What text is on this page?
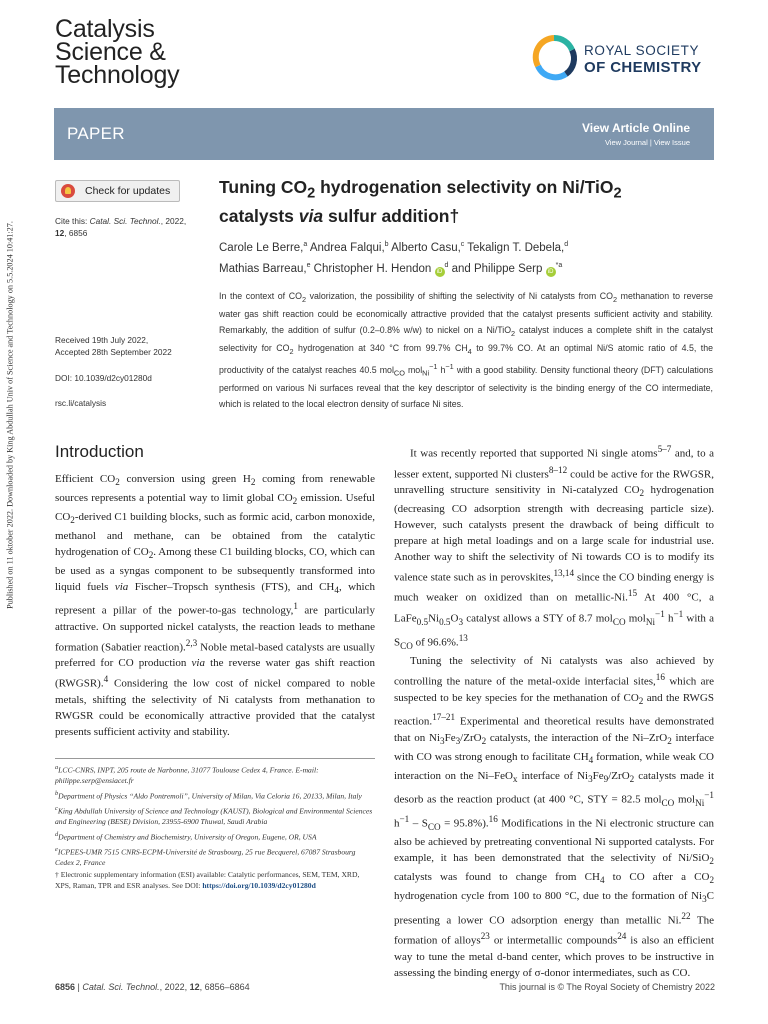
Catalysis
Science &
Technology
ROYAL SOCIETY
OF CHEMISTRY
Published on 11 oktober 2022. Downloaded by King Abdullah Univ of Science and Technology on 5.5.2024 10:41:27.
PAPER	View Article Online
View Journal | View Issue
Check for updates
Cite this: Catal. Sci. Technol., 2022,
12, 6856
Received 19th July 2022,
Accepted 28th September 2022
DOI: 10.1039/d2cy01280d
rsc.li/catalysis
Tuning $CO_2$ hydrogenation selectivity on Ni/TiO$_2$
catalysts via sulfur addition†
Carole Le Berre,$^a$ Andrea Falqui,$^b$ Alberto Casu,$^c$ Tekalign T. Debela,$^d$
Mathias Barreau,$^e$ Christopher H. Hendon $iD^d$ and Philippe Serp $iD^{*a}$
In the context of $CO_2$ valorization, the possibility of shifting the selectivity of Ni catalysts from $CO_2$ methanation to reverse water gas shift reaction could be economically attractive provided that the catalyst presents sufficient activity and stability. Remarkably, the addition of sulfur (0.2–0.8% w/w) to nickel on a Ni/TiO$_2$ catalyst induces a complete shift in the catalyst selectivity for $CO_2$ hydrogenation at 340 °C from 99.7% $CH_4$ to 99.7% CO. At an optimal Ni/S atomic ratio of 4.5, the productivity of the catalyst reaches 40.5 mol$_{CO}$ mol$_{Ni}^{-1}$ $h^{-1}$ with a good stability. Density functional theory (DFT) calculations performed on various Ni surfaces reveal that the key descriptor of selectivity is the binding energy of the CO intermediate, which is related to the local electron density of surface Ni sites.
Introduction

Efficient $CO_2$ conversion using green $H_2$ coming from renewable sources represents a potential way to limit global $CO_2$ emission. Useful $CO_2$-derived C1 building blocks, such as formic acid, carbon monoxide, methanol and methane, can be obtained from the catalytic hydrogenation of $CO_2$. Among these C1 building blocks, CO, which can be used as a syngas component to be subsequently transformed into liquid fuels via Fischer–Tropsch synthesis (FTS), and $CH_4$, which represent a pillar of the power-to-gas technology,$^1$ are particularly attractive. On supported nickel catalysts, the reaction leads to methane formation (Sabatier reaction).$^{2,3}$ Noble metal-based catalysts are usually preferred for CO production via the reverse water gas shift reaction (RWGSR).$^4$ Considering the low cost of nickel compared to noble metals, shifting the selectivity of Ni catalysts from methanation to RWGSR could be economically attractive provided that the catalyst presents sufficient activity and stability.

$^a$LCC-CNRS, INPT, 205 route de Narbonne, 31077 Toulouse Cedex 4, France. E-mail: philippe.serp@ensiacet.fr

$^b$Department of Physics “Aldo Pontremoli”, University of Milan, Via Celoria 16, 20133, Milan, Italy

$^c$King Abdullah University of Science and Technology (KAUST), Biological and Environmental Sciences and Engineering (BESE) Division, 23955-6900 Thuwal, Saudi Arabia

$^d$Department of Chemistry and Biochemistry, University of Oregon, Eugene, OR, USA

$^e$ICPEES-UMR 7515 CNRS-ECPM-Université de Strasbourg, 25 rue Becquerel, 67087 Strasbourg Cedex 2, France

† Electronic supplementary information (ESI) available: Catalytic performances, SEM, TEM, XRD, XPS, Raman, TPR and ESR analyses. See DOI: https://doi.org/10.1039/d2cy01280d

It was recently reported that supported Ni single atoms$^{5-7}$ and, to a lesser extent, supported Ni clusters$^{8-12}$ could be active for the RWGSR, unravelling structure sensitivity in Ni-catalyzed $CO_2$ hydrogenation (decreasing CO adsorption strength with decreasing particle size). However, such catalysts present the drawback of being difficult to prepare at high metal loadings and on a large scale for industrial use. Another way to shift the selectivity of Ni towards CO is to modify its valence state such as in perovskites,$^{13,14}$ since the CO binding energy is much weaker on oxidized than on metallic-Ni.$^{15}$ At 400 °C, a $LaFe_{0.5}Ni_{0.5}O_3$ catalyst allows a STY of 8.7 mol$_{CO}$ mol$_{Ni}^{-1}$ $h^{-1}$ with a $S_{CO}$ of 96.6%.$^{13}$

Tuning the selectivity of Ni catalysts was also achieved by controlling the nature of the metal-oxide interfacial sites,$^{16}$ which are suspected to be key species for the methanation of $CO_2$ and the RWGS reaction.$^{17-21}$ Experimental and theoretical results have demonstrated that on $Ni_3Fe_3/ZrO_2$ catalysts, the interaction of the Ni–ZrO$_2$ interface with CO was strong enough to facilitate $CH_4$ formation, while weak CO interaction on the Ni–FeO$_x$ interface of $Ni_3Fe_9/ZrO_2$ catalysts made it desorb as the reaction product (at 400 °C, STY = 82.5 mol$_{CO}$ mol$_{Ni}^{-1}$ $h^{-1} - S_{CO} = 95.8\%).^{16}$ Modifications in the Ni electronic structure can also be achieved by pretreating conventional Ni supported catalysts. For example, it has been demonstrated that the selectivity of Ni/SiO$_2$ catalysts was found to change from $CH_4$ to CO after a $CO_2$ hydrogenation cycle from 100 to 800 °C, due to the formation of $Ni_3C$ presenting a lower CO adsorption energy than metallic Ni.$^{22}$ The formation of alloys$^{23}$ or intermetallic compounds$^{24}$ is also an efficient way to tune the metal d-band center, which proves to be instructive in assessing the binding energy of σ-donor intermediates, such as CO.

6856 | Catal. Sci. Technol., 2022, 12, 6856–6864	This journal is © The Royal Society of Chemistry 2022
